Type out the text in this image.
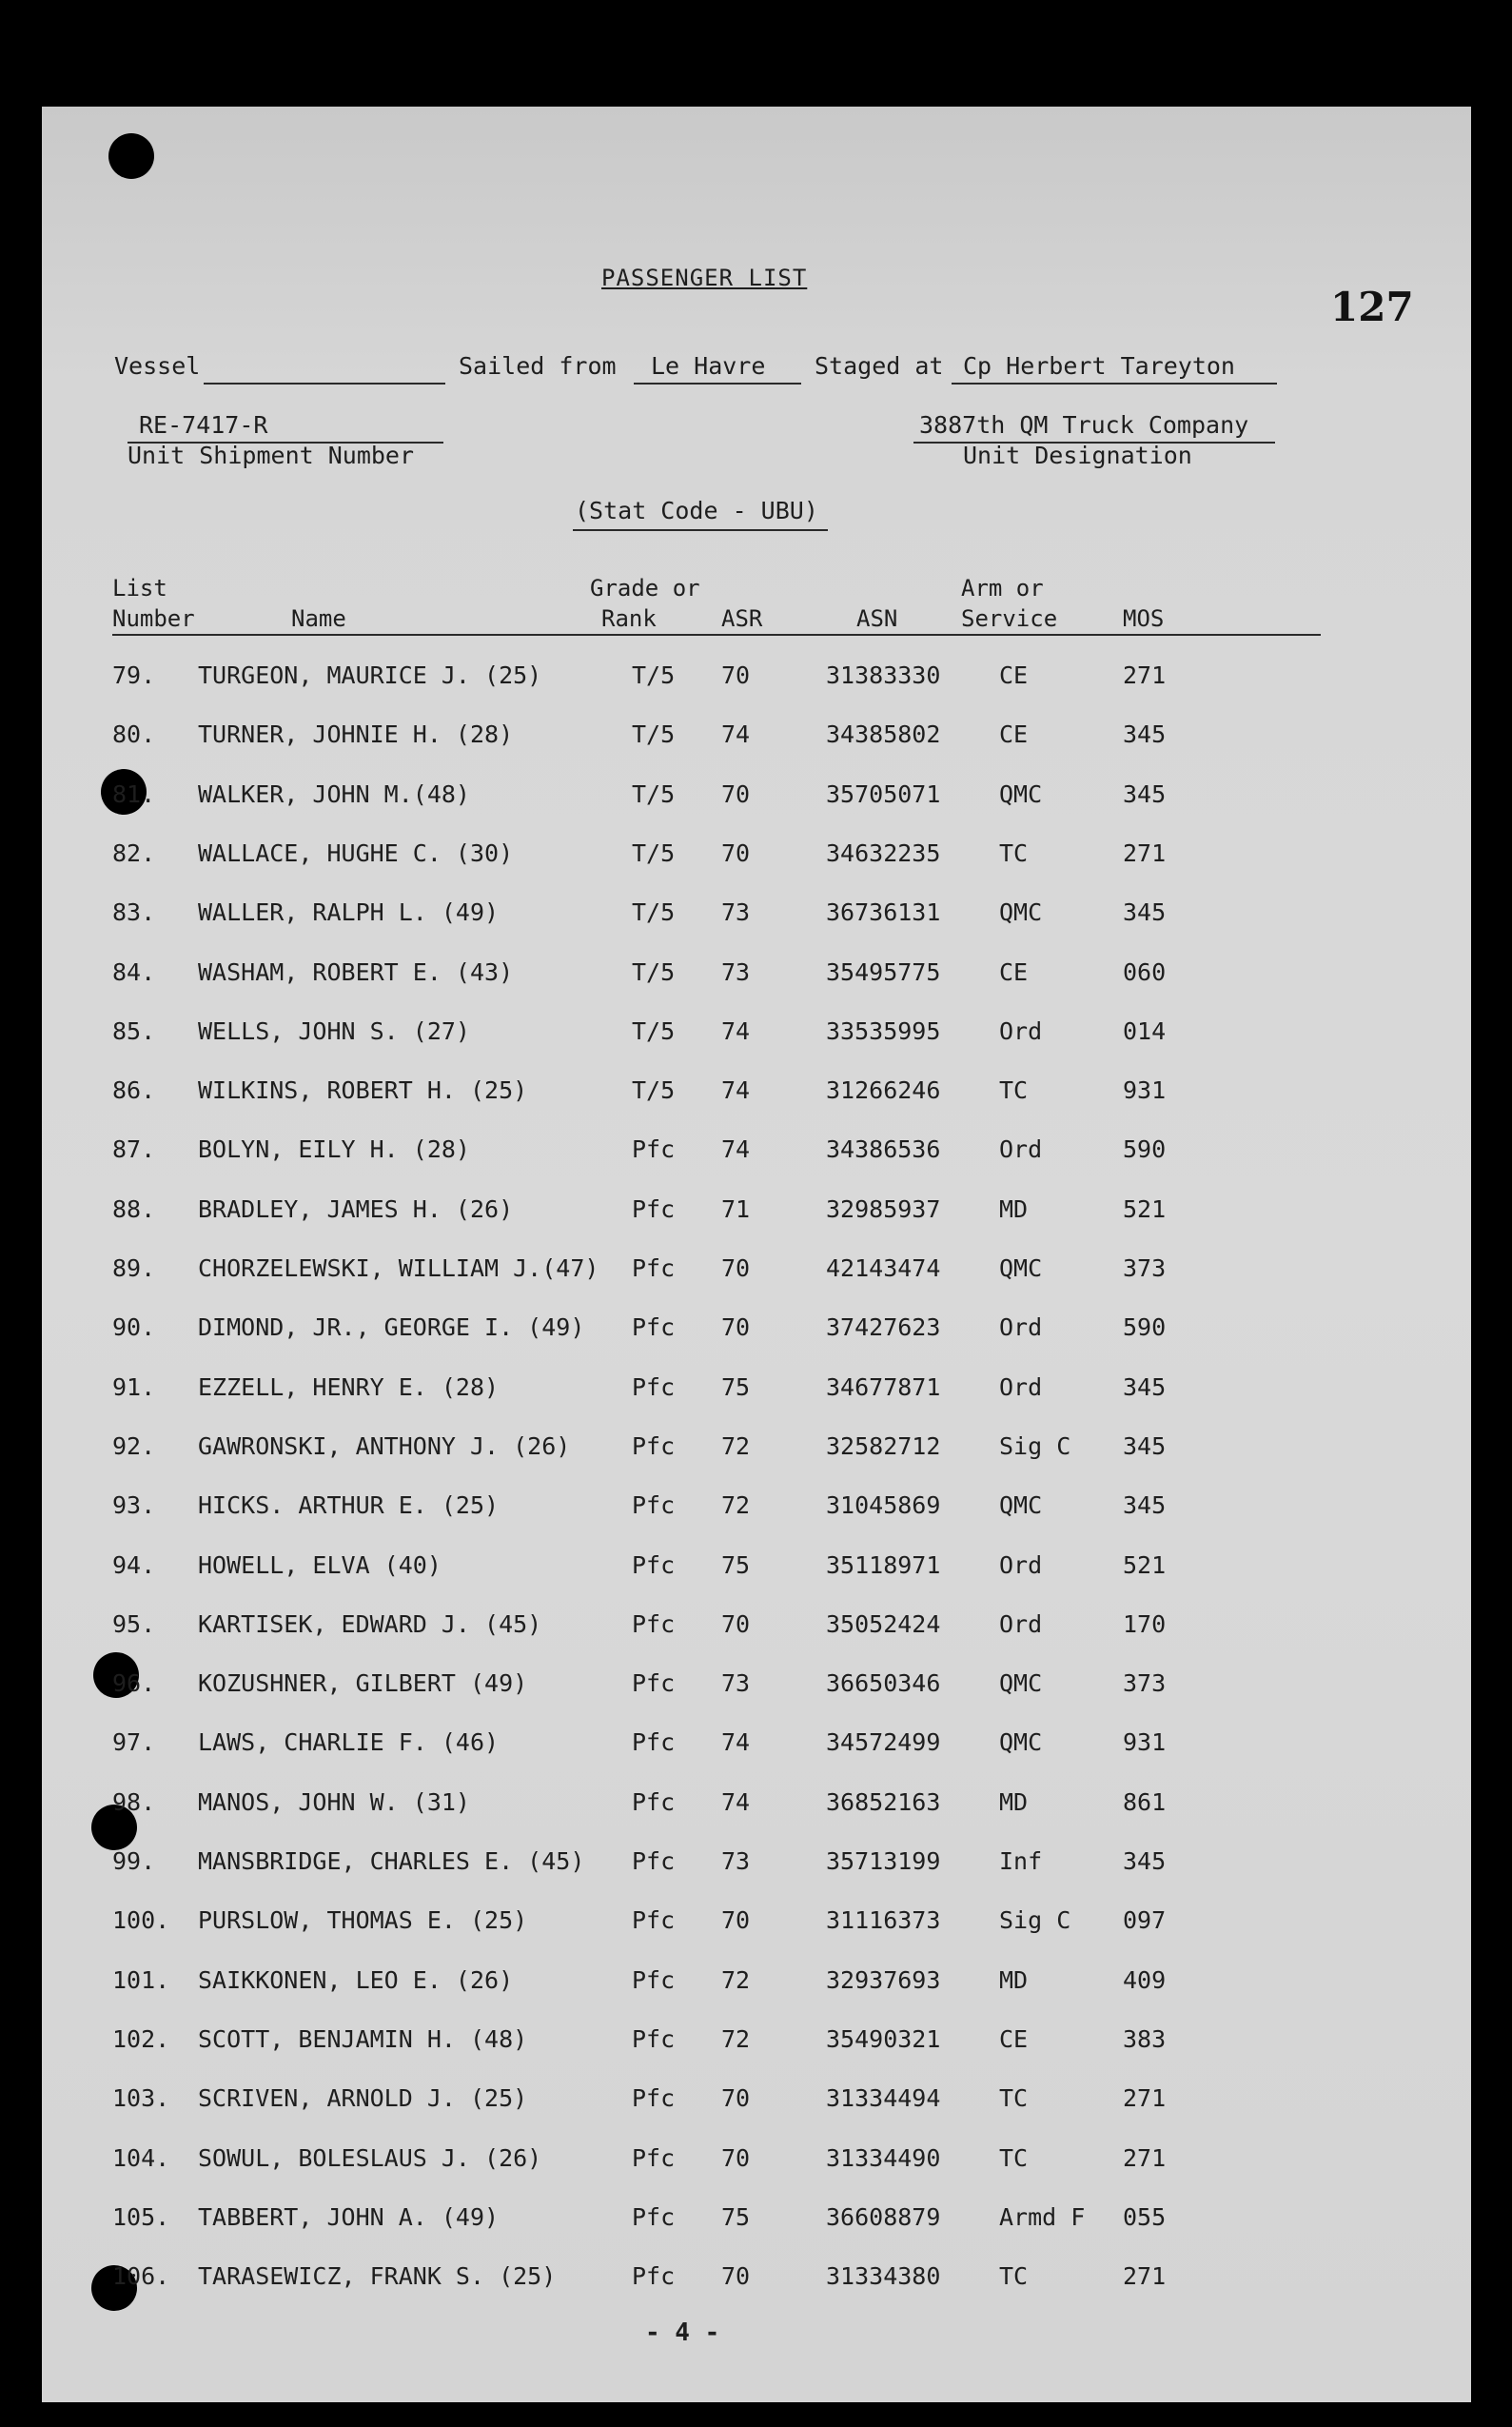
PASSENGER LIST
127
Vessel	Sailed from Le Havre Staged at Cp Herbert Tareyton
RE-7417-R
Unit Shipment Number
3887th QM Truck Company
Unit Designation
(Stat Code - UBU)
List
Number	Name
Grade or
Rank	ASR	ASN
Arm or
Service	MOS
79. TURGEON, MAURICE J. (25)	T/5 70	31383330 CE	271
80. TURNER, JOHNIE H. (28)	T/5 74	34385802 CE	345
81. WALKER, JOHN M.(48)	T/5 70	35705071 QMC	345
82. WALLACE, HUGHE C. (30)	T/5 70	34632235 TC	271
83. WALLER, RALPH L. (49)	T/5 73	36736131 QMC	345
84. WASHAM, ROBERT E. (43)	T/5 73	35495775 CE	060
85. WELLS, JOHN S. (27)	T/5 74	33535995 Ord	014
86. WILKINS, ROBERT H. (25)	T/5 74	31266246 TC	931
87. BOLYN, EILY H. (28)	Pfc 74	34386536 Ord	590
88. BRADLEY, JAMES H. (26)	Pfc 71	32985937 MD	521
89. CHORZELEWSKI, WILLIAM J.(47) Pfc 70	42143474 QMC	373
90. DIMOND, JR., GEORGE I. (49) Pfc 70	37427623 Ord	590
91. EZZELL, HENRY E. (28)	Pfc 75	34677871 Ord	345
92. GAWRONSKI, ANTHONY J. (26)	Pfc 72	32582712 Sig C 345
93. HICKS. ARTHUR E. (25)	Pfc 72	31045869 QMC	345
94. HOWELL, ELVA (40)	Pfc 75	35118971 Ord	521
95. KARTISEK, EDWARD J. (45)	Pfc 70	35052424 Ord	170
96. KOZUSHNER, GILBERT (49)	Pfc 73	36650346 QMC	373
97. LAWS, CHARLIE F. (46)	Pfc 74	34572499 QMC	931
98. MANOS, JOHN W. (31)	Pfc 74	36852163 MD	861
99. MANSBRIDGE, CHARLES E. (45) Pfc 73	35713199 Inf	345
100. PURSLOW, THOMAS E. (25)	Pfc 70	31116373 Sig C 097
101. SAIKKONEN, LEO E. (26)	Pfc 72	32937693 MD	409
102. SCOTT, BENJAMIN H. (48)	Pfc 72	35490321 CE	383
103. SCRIVEN, ARNOLD J. (25)	Pfc 70	31334494 TC	271
104. SOWUL, BOLESLAUS J. (26)	Pfc 70	31334490 TC	271
105. TABBERT, JOHN A. (49)	Pfc 75	36608879 Armd F 055
106. TARASEWICZ, FRANK S. (25)	Pfc 70	31334380 TC	271
- 4 -
